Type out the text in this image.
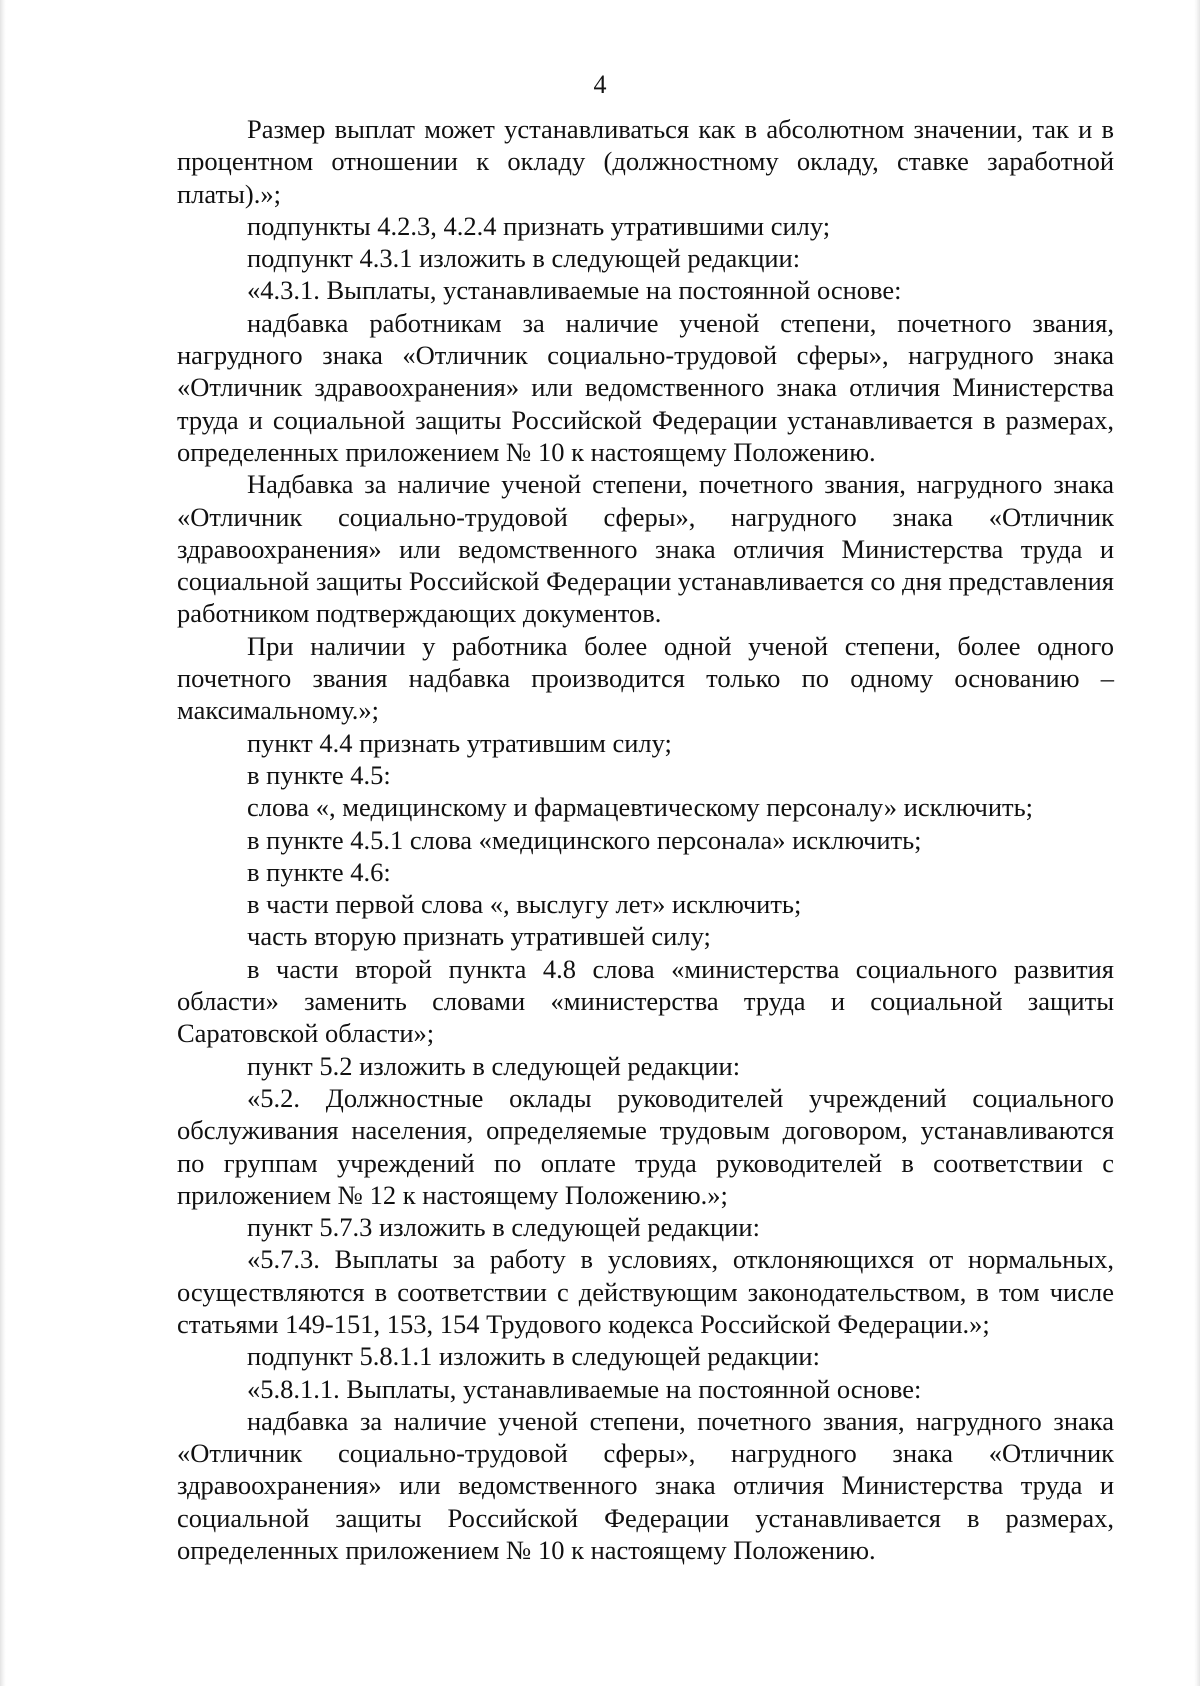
4

Размер выплат может устанавливаться как в абсолютном значении, так и в процентном отношении к окладу (должностному окладу, ставке заработной платы).»;

подпункты 4.2.3, 4.2.4 признать утратившими силу;

подпункт 4.3.1 изложить в следующей редакции:

«4.3.1. Выплаты, устанавливаемые на постоянной основе:

надбавка работникам за наличие ученой степени, почетного звания, нагрудного знака «Отличник социально-трудовой сферы», нагрудного знака «Отличник здравоохранения» или ведомственного знака отличия Министерства труда и социальной защиты Российской Федерации устанавливается в размерах, определенных приложением № 10 к настоящему Положению.

Надбавка за наличие ученой степени, почетного звания, нагрудного знака «Отличник социально-трудовой сферы», нагрудного знака «Отличник здравоохранения» или ведомственного знака отличия Министерства труда и социальной защиты Российской Федерации устанавливается со дня представления работником подтверждающих документов.

При наличии у работника более одной ученой степени, более одного почетного звания надбавка производится только по одному основанию – максимальному.»;

пункт 4.4 признать утратившим силу;

в пункте 4.5:

слова «, медицинскому и фармацевтическому персоналу» исключить;

в пункте 4.5.1 слова «медицинского персонала» исключить;

в пункте 4.6:

в части первой слова «, выслугу лет» исключить;

часть вторую признать утратившей силу;

в части второй пункта 4.8 слова «министерства социального развития области» заменить словами «министерства труда и социальной защиты Саратовской области»;

пункт 5.2 изложить в следующей редакции:

«5.2. Должностные оклады руководителей учреждений социального обслуживания населения, определяемые трудовым договором, устанавливаются по группам учреждений по оплате труда руководителей в соответствии с приложением № 12 к настоящему Положению.»;

пункт 5.7.3 изложить в следующей редакции:

«5.7.3. Выплаты за работу в условиях, отклоняющихся от нормальных, осуществляются в соответствии с действующим законодательством, в том числе статьями 149-151, 153, 154 Трудового кодекса Российской Федерации.»;

подпункт 5.8.1.1 изложить в следующей редакции:

«5.8.1.1. Выплаты, устанавливаемые на постоянной основе:

надбавка за наличие ученой степени, почетного звания, нагрудного знака «Отличник социально-трудовой сферы», нагрудного знака «Отличник здравоохранения» или ведомственного знака отличия Министерства труда и социальной защиты Российской Федерации устанавливается в размерах, определенных приложением № 10 к настоящему Положению.
